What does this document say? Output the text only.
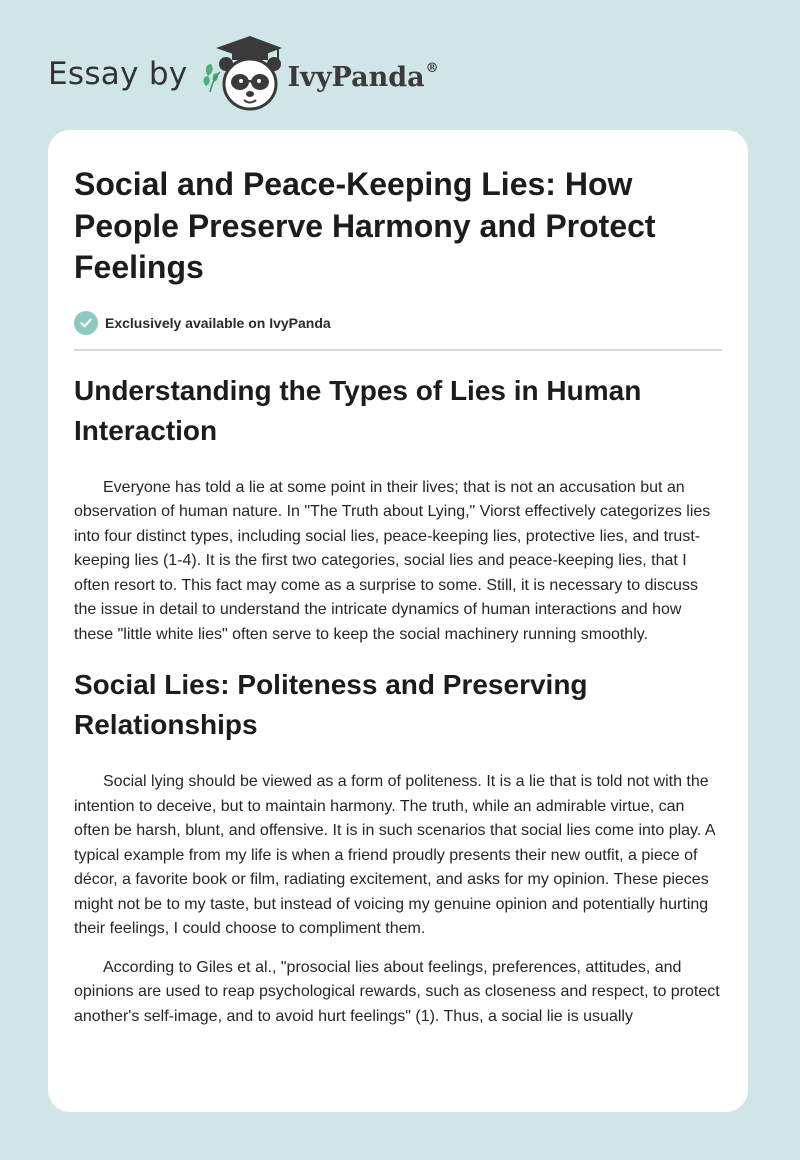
Essay by	IvyPanda®
Social and Peace-Keeping Lies: How People Preserve Harmony and Protect Feelings
Exclusively available on IvyPanda
Understanding the Types of Lies in Human Interaction

Everyone has told a lie at some point in their lives; that is not an accusation but an observation of human nature. In "The Truth about Lying," Viorst effectively categorizes lies into four distinct types, including social lies, peace-keeping lies, protective lies, and trust-keeping lies (1-4). It is the first two categories, social lies and peace-keeping lies, that I often resort to. This fact may come as a surprise to some. Still, it is necessary to discuss the issue in detail to understand the intricate dynamics of human interactions and how these "little white lies" often serve to keep the social machinery running smoothly.

Social Lies: Politeness and Preserving Relationships

Social lying should be viewed as a form of politeness. It is a lie that is told not with the intention to deceive, but to maintain harmony. The truth, while an admirable virtue, can often be harsh, blunt, and offensive. It is in such scenarios that social lies come into play. A typical example from my life is when a friend proudly presents their new outfit, a piece of décor, a favorite book or film, radiating excitement, and asks for my opinion. These pieces might not be to my taste, but instead of voicing my genuine opinion and potentially hurting their feelings, I could choose to compliment them.

According to Giles et al., "prosocial lies about feelings, preferences, attitudes, and opinions are used to reap psychological rewards, such as closeness and respect, to protect another's self-image, and to avoid hurt feelings" (1). Thus, a social lie is usually
